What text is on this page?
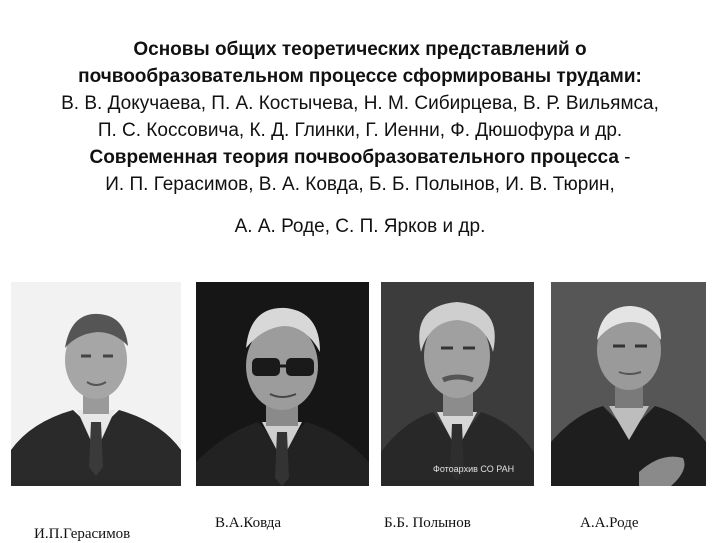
Основы общих теоретических представлений о
почвообразовательном процессе сформированы трудами:
В. В. Докучаева, П. А. Костычева, Н. М. Сибирцева, В. Р. Вильямса,
П. С. Коссовича, К. Д. Глинки, Г. Иенни, Ф. Дюшофура и др.
Современная теория почвообразовательного процесса -
И. П. Герасимов, В. А. Ковда, Б. Б. Полынов, И. В. Тюрин,
А. А. Роде, С. П. Ярков и др.
Фотоархив СО РАН
И.П.Герасимов
В.А.Ковда	Б.Б. Полынов	А.А.Роде
